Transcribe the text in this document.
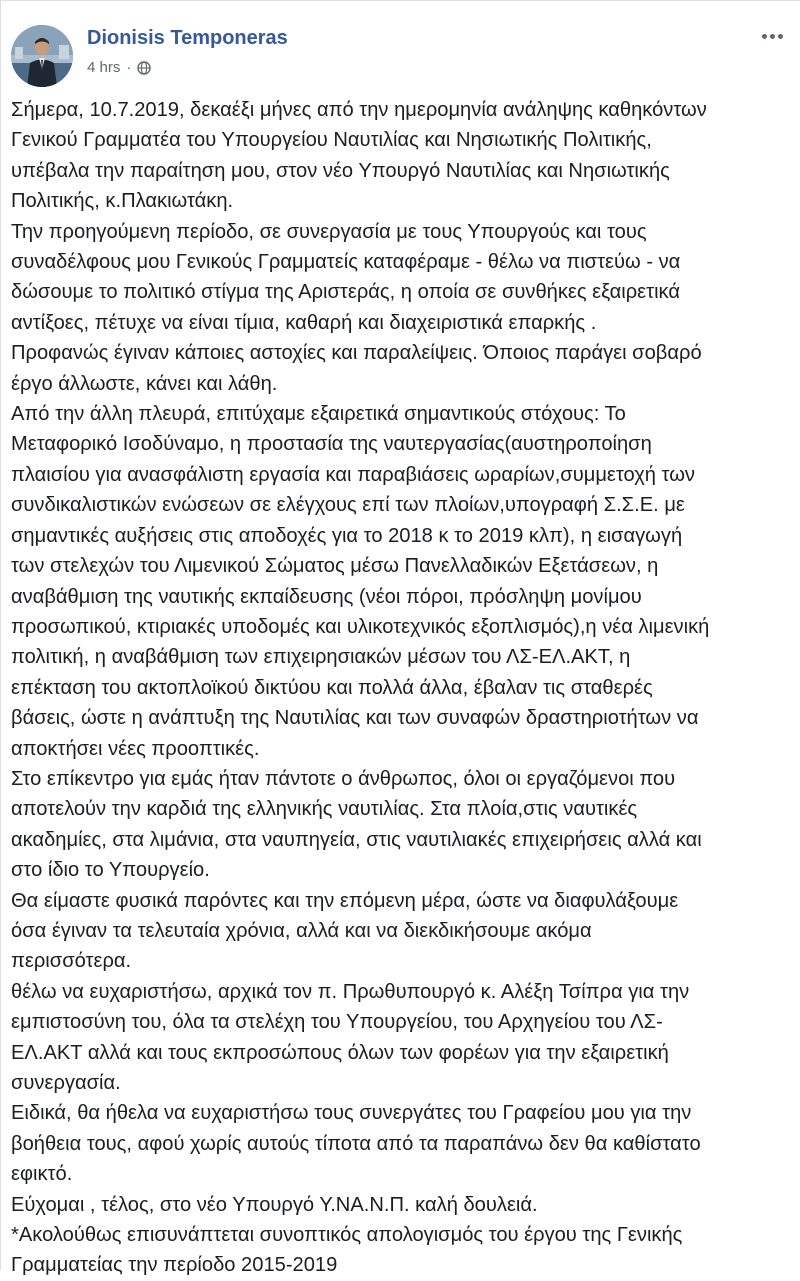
Dionisis Temponeras
4 hrs ·

Σήμερα, 10.7.2019, δεκαέξι μήνες από την ημερομηνία ανάληψης καθηκόντων

Γενικού Γραμματέα του Υπουργείου Ναυτιλίας και Νησιωτικής Πολιτικής,

υπέβαλα την παραίτηση μου, στον νέο Υπουργό Ναυτιλίας και Νησιωτικής

Πολιτικής, κ.Πλακιωτάκη.

Την προηγούμενη περίοδο, σε συνεργασία με τους Υπουργούς και τους

συναδέλφους μου Γενικούς Γραμματείς καταφέραμε - θέλω να πιστεύω - να

δώσουμε το πολιτικό στίγμα της Αριστεράς, η οποία σε συνθήκες εξαιρετικά

αντίξοες, πέτυχε να είναι τίμια, καθαρή και διαχειριστικά επαρκής .

Προφανώς έγιναν κάποιες αστοχίες και παραλείψεις. Όποιος παράγει σοβαρό

έργο άλλωστε, κάνει και λάθη.

Από την άλλη πλευρά, επιτύχαμε εξαιρετικά σημαντικούς στόχους: Το

Μεταφορικό Ισοδύναμο, η προστασία της ναυτεργασίας(αυστηροποίηση

πλαισίου για ανασφάλιστη εργασία και παραβιάσεις ωραρίων,συμμετοχή των

συνδικαλιστικών ενώσεων σε ελέγχους επί των πλοίων,υπογραφή Σ.Σ.Ε. με

σημαντικές αυξήσεις στις αποδοχές για το 2018 κ το 2019 κλπ), η εισαγωγή

των στελεχών του Λιμενικού Σώματος μέσω Πανελλαδικών Εξετάσεων, η

αναβάθμιση της ναυτικής εκπαίδευσης (νέοι πόροι, πρόσληψη μονίμου

προσωπικού, κτιριακές υποδομές και υλικοτεχνικός εξοπλισμός),η νέα λιμενική

πολιτική, η αναβάθμιση των επιχειρησιακών μέσων του ΛΣ-ΕΛ.ΑΚΤ, η

επέκταση του ακτοπλοϊκού δικτύου και πολλά άλλα, έβαλαν τις σταθερές

βάσεις, ώστε η ανάπτυξη της Ναυτιλίας και των συναφών δραστηριοτήτων να

αποκτήσει νέες προοπτικές.

Στο επίκεντρο για εμάς ήταν πάντοτε ο άνθρωπος, όλοι οι εργαζόμενοι που

αποτελούν την καρδιά της ελληνικής ναυτιλίας. Στα πλοία,στις ναυτικές

ακαδημίες, στα λιμάνια, στα ναυπηγεία, στις ναυτιλιακές επιχειρήσεις αλλά και

στο ίδιο το Υπουργείο.

Θα είμαστε φυσικά παρόντες και την επόμενη μέρα, ώστε να διαφυλάξουμε

όσα έγιναν τα τελευταία χρόνια, αλλά και να διεκδικήσουμε ακόμα

περισσότερα.

θέλω να ευχαριστήσω, αρχικά τον π. Πρωθυπουργό κ. Αλέξη Τσίπρα για την

εμπιστοσύνη του, όλα τα στελέχη του Υπουργείου, του Αρχηγείου του ΛΣ-

ΕΛ.ΑΚΤ αλλά και τους εκπροσώπους όλων των φορέων για την εξαιρετική

συνεργασία.

Ειδικά, θα ήθελα να ευχαριστήσω τους συνεργάτες του Γραφείου μου για την

βοήθεια τους, αφού χωρίς αυτούς τίποτα από τα παραπάνω δεν θα καθίστατο

εφικτό.

Εύχομαι , τέλος, στο νέο Υπουργό Υ.ΝΑ.Ν.Π. καλή δουλειά.

*Ακολούθως επισυνάπτεται συνοπτικός απολογισμός του έργου της Γενικής

Γραμματείας την περίοδο 2015-2019
